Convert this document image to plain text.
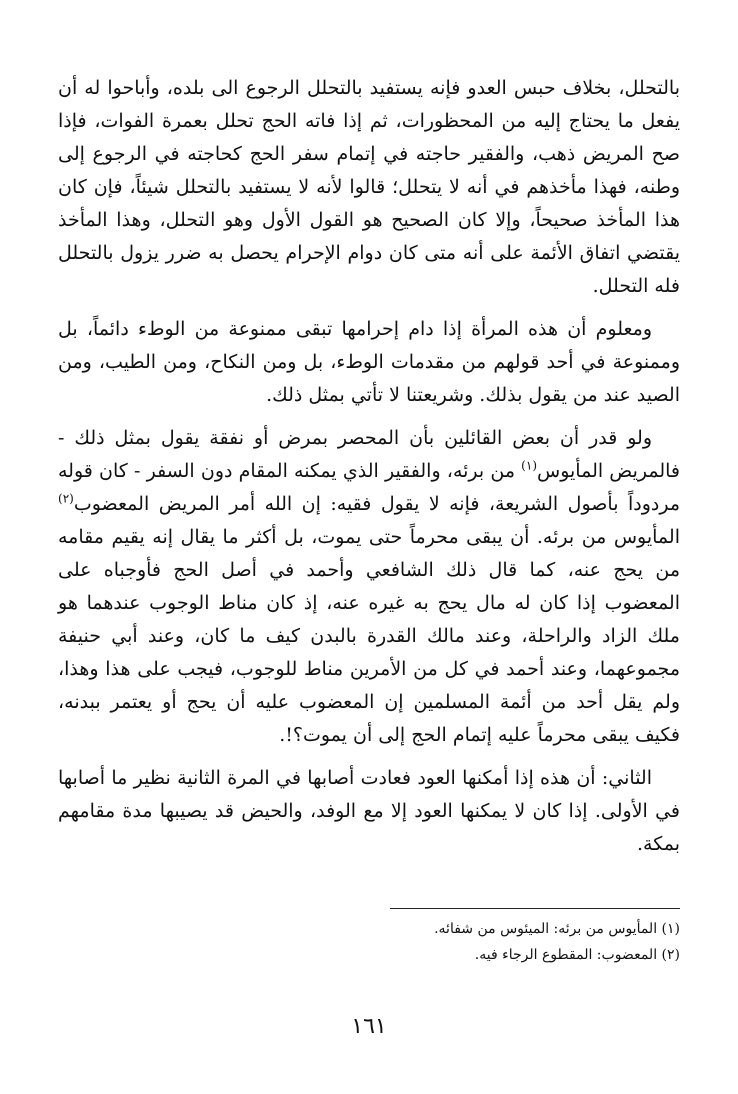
بالتحلل، بخلاف حبس العدو فإنه يستفيد بالتحلل الرجوع الى بلده، وأباحوا له أن يفعل ما يحتاج إليه من المحظورات، ثم إذا فاته الحج تحلل بعمرة الفوات، فإذا صح المريض ذهب، والفقير حاجته في إتمام سفر الحج كحاجته في الرجوع إلى وطنه، فهذا مأخذهم في أنه لا يتحلل؛ قالوا لأنه لا يستفيد بالتحلل شيئاً، فإن كان هذا المأخذ صحيحاً، وإلا كان الصحيح هو القول الأول وهو التحلل، وهذا المأخذ يقتضي اتفاق الأئمة على أنه متى كان دوام الإحرام يحصل به ضرر يزول بالتحلل فله التحلل.

ومعلوم أن هذه المرأة إذا دام إحرامها تبقى ممنوعة من الوطء دائماً، بل وممنوعة في أحد قولهم من مقدمات الوطء، بل ومن النكاح، ومن الطيب، ومن الصيد عند من يقول بذلك. وشريعتنا لا تأتي بمثل ذلك.

ولو قدر أن بعض القائلين بأن المحصر بمرض أو نفقة يقول بمثل ذلك - فالمريض المأيوس$^{(١)}$ من برئه، والفقير الذي يمكنه المقام دون السفر - كان قوله مردوداً بأصول الشريعة، فإنه لا يقول فقيه: إن الله أمر المريض المعضوب$^{(٢)}$ المأيوس من برئه. أن يبقى محرماً حتى يموت، بل أكثر ما يقال إنه يقيم مقامه من يحج عنه، كما قال ذلك الشافعي وأحمد في أصل الحج فأوجباه على المعضوب إذا كان له مال يحج به غيره عنه، إذ كان مناط الوجوب عندهما هو ملك الزاد والراحلة، وعند مالك القدرة بالبدن كيف ما كان، وعند أبي حنيفة مجموعهما، وعند أحمد في كل من الأمرين مناط للوجوب، فيجب على هذا وهذا، ولم يقل أحد من أئمة المسلمين إن المعضوب عليه أن يحج أو يعتمر ببدنه، فكيف يبقى محرماً عليه إتمام الحج إلى أن يموت؟!.

الثاني: أن هذه إذا أمكنها العود فعادت أصابها في المرة الثانية نظير ما أصابها في الأولى. إذا كان لا يمكنها العود إلا مع الوفد، والحيض قد يصيبها مدة مقامهم بمكة.

(١) المأيوس من برئه: الميئوس من شفائه.

(٢) المعضوب: المقطوع الرجاء فيه.

١٦١
